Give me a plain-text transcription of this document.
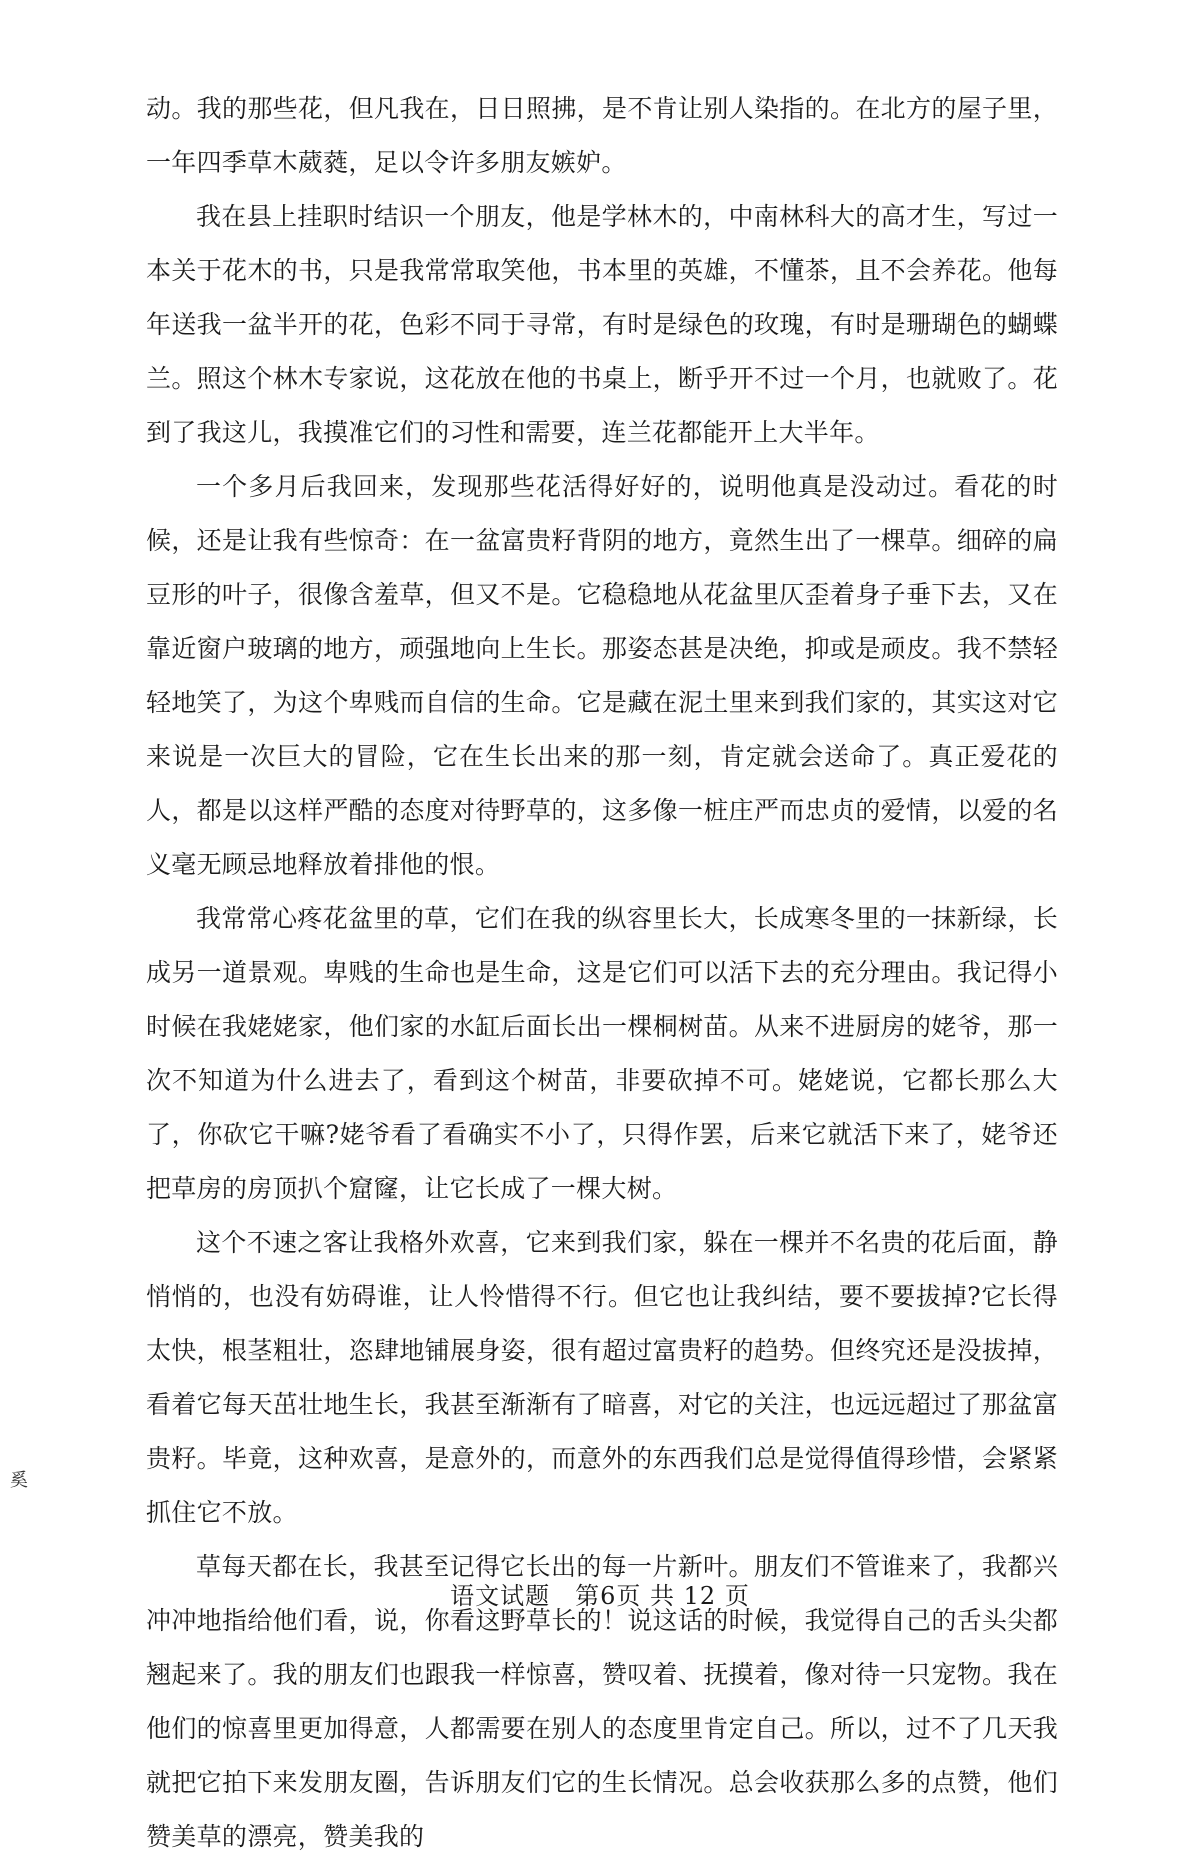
动。我的那些花，但凡我在，日日照拂，是不肯让别人染指的。在北方的屋子里，一年四季草木葳蕤，足以令许多朋友嫉妒。

我在县上挂职时结识一个朋友，他是学林木的，中南林科大的高才生，写过一本关于花木的书，只是我常常取笑他，书本里的英雄，不懂茶，且不会养花。他每年送我一盆半开的花，色彩不同于寻常，有时是绿色的玫瑰，有时是珊瑚色的蝴蝶兰。照这个林木专家说，这花放在他的书桌上，断乎开不过一个月，也就败了。花到了我这儿，我摸准它们的习性和需要，连兰花都能开上大半年。

一个多月后我回来，发现那些花活得好好的，说明他真是没动过。看花的时候，还是让我有些惊奇：在一盆富贵籽背阴的地方，竟然生出了一棵草。细碎的扁豆形的叶子，很像含羞草，但又不是。它稳稳地从花盆里仄歪着身子垂下去，又在靠近窗户玻璃的地方，顽强地向上生长。那姿态甚是决绝，抑或是顽皮。我不禁轻轻地笑了，为这个卑贱而自信的生命。它是藏在泥土里来到我们家的，其实这对它来说是一次巨大的冒险，它在生长出来的那一刻，肯定就会送命了。真正爱花的人，都是以这样严酷的态度对待野草的，这多像一桩庄严而忠贞的爱情，以爱的名义毫无顾忌地释放着排他的恨。

我常常心疼花盆里的草，它们在我的纵容里长大，长成寒冬里的一抹新绿，长成另一道景观。卑贱的生命也是生命，这是它们可以活下去的充分理由。我记得小时候在我姥姥家，他们家的水缸后面长出一棵桐树苗。从来不进厨房的姥爷，那一次不知道为什么进去了，看到这个树苗，非要砍掉不可。姥姥说，它都长那么大了，你砍它干嘛?姥爷看了看确实不小了，只得作罢，后来它就活下来了，姥爷还把草房的房顶扒个窟窿，让它长成了一棵大树。

这个不速之客让我格外欢喜，它来到我们家，躲在一棵并不名贵的花后面，静悄悄的，也没有妨碍谁，让人怜惜得不行。但它也让我纠结，要不要拔掉?它长得太快，根茎粗壮，恣肆地铺展身姿，很有超过富贵籽的趋势。但终究还是没拔掉，看着它每天茁壮地生长，我甚至渐渐有了暗喜，对它的关注，也远远超过了那盆富贵籽。毕竟，这种欢喜，是意外的，而意外的东西我们总是觉得值得珍惜，会紧紧抓住它不放。

草每天都在长，我甚至记得它长出的每一片新叶。朋友们不管谁来了，我都兴冲冲地指给他们看，说，你看这野草长的！说这话的时候，我觉得自己的舌头尖都翘起来了。我的朋友们也跟我一样惊喜，赞叹着、抚摸着，像对待一只宠物。我在他们的惊喜里更加得意，人都需要在别人的态度里肯定自己。所以，过不了几天我就把它拍下来发朋友圈，告诉朋友们它的生长情况。总会收获那么多的点赞，他们赞美草的漂亮，赞美我的

奚
语文试题　第6页 共 12 页
